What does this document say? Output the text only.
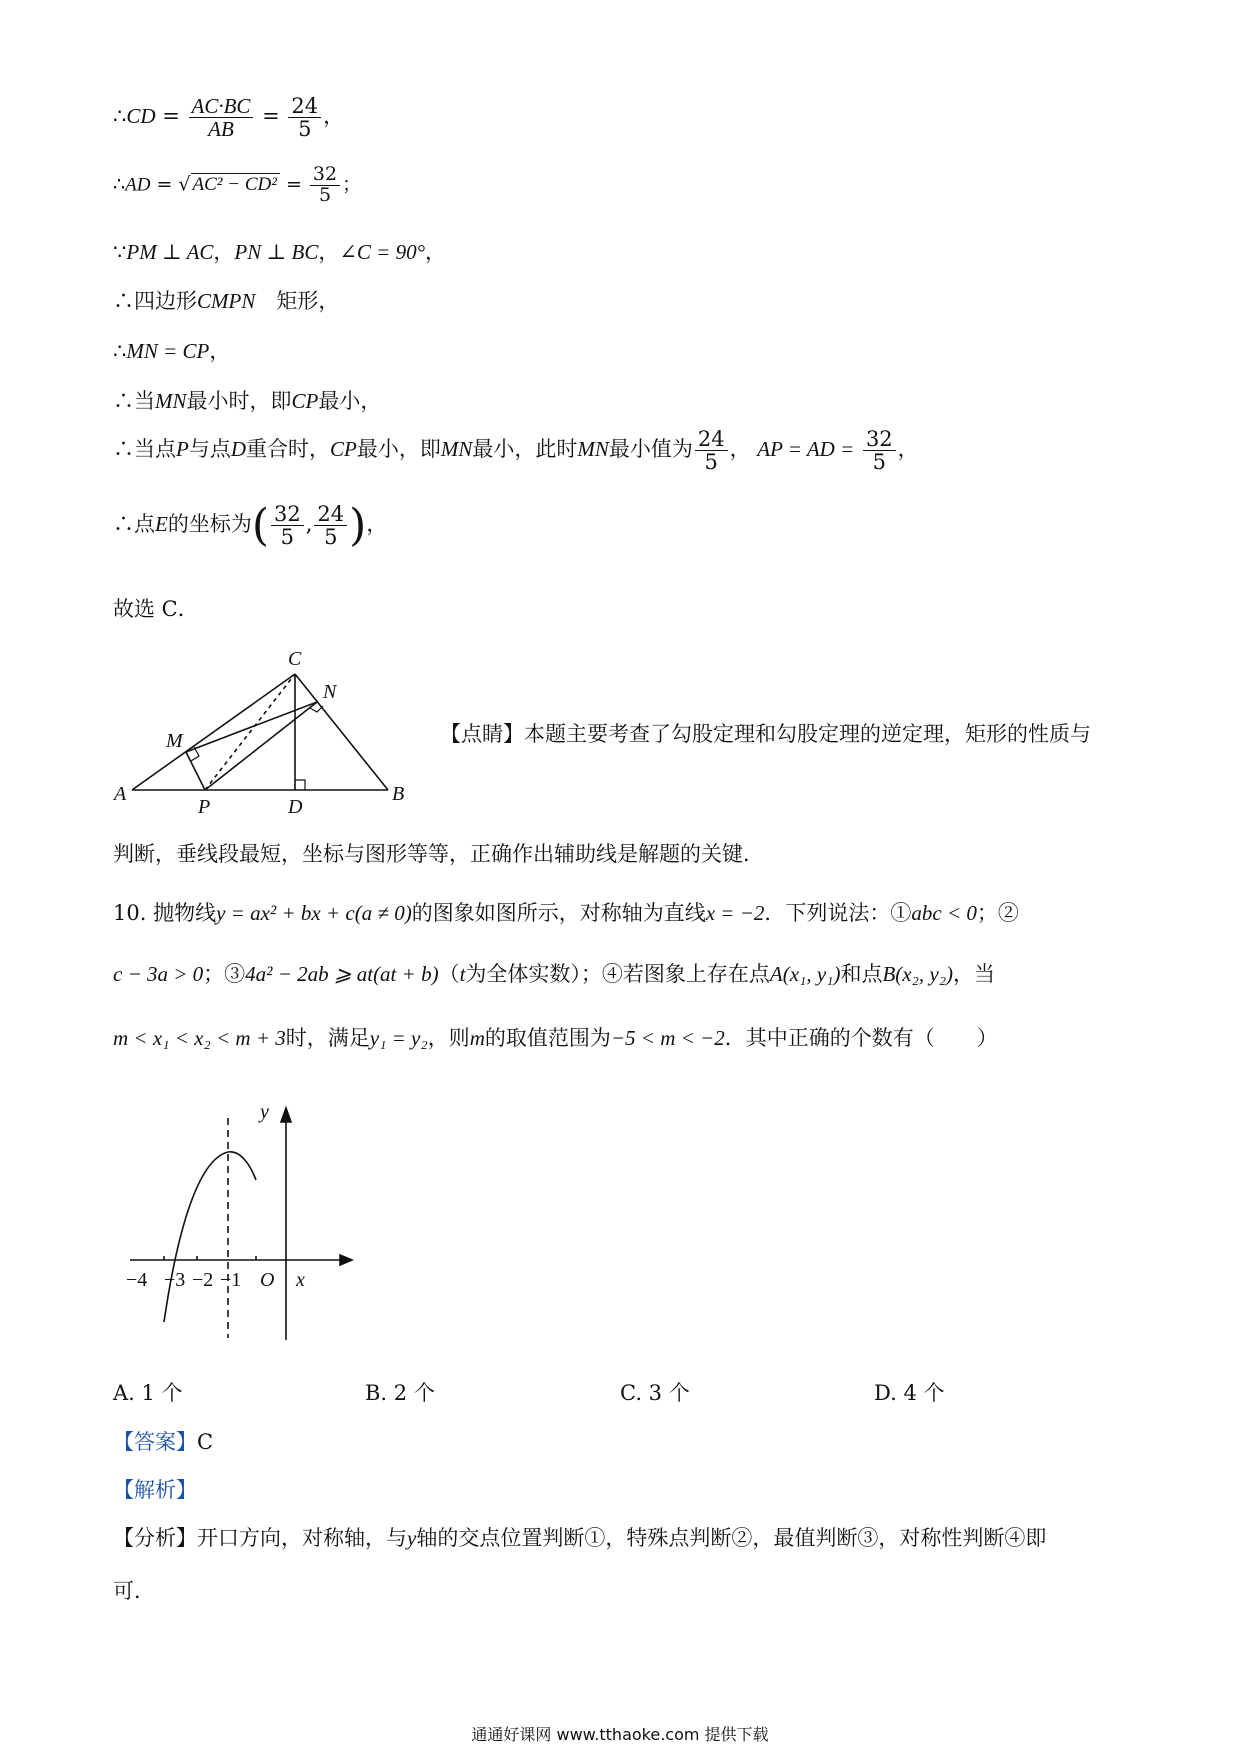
∴CD = $\frac{AC\cdot BC}{AB} = \frac{24}{5}$ ，
∴AD = √ $AC^2 - CD^2 = \frac{32}{5}$ ；
∵PM ⊥ AC，PN ⊥ BC，∠C = 90°，
∴四边形CMPN　矩形，
∴MN = CP，
∴当MN最小时，即CP最小，
∴当点P与点D重合时，CP最小，即MN最小，此时MN最小值为 $\frac{24}{5}$ ， AP = AD = $\frac{32}{5}$ ，
∴点E的坐标为( $\frac{32}{5}$ , $\frac{24}{5}$ )，
故选 C．
C
N
M
A
P	D
B
【点睛】本题主要考查了勾股定理和勾股定理的逆定理，矩形的性质与
判断，垂线段最短，坐标与图形等等，正确作出辅助线是解题的关键．
10. 抛物线y = ax² + bx + c(a ≠ 0)的图象如图所示，对称轴为直线x = −2．下列说法：①abc < 0；②
c − 3a > 0；③4a² − 2ab ⩾ at(at + b)（t为全体实数）；④若图象上存在点A(x₁, y₁)和点B(x₂, y₂)，当
m < x₁ < x₂ < m + 3时，满足y₁ = y₂，则m的取值范围为−5 < m < −2．其中正确的个数有（　　）
y
x
O
−4 −3 −2 −1
A. 1 个	B. 2 个	C. 3 个	D. 4 个
【答案】C
【解析】
【分析】开口方向，对称轴，与y轴的交点位置判断①，特殊点判断②，最值判断③，对称性判断④即
可．
通通好课网 www.tthaoke.com 提供下载
